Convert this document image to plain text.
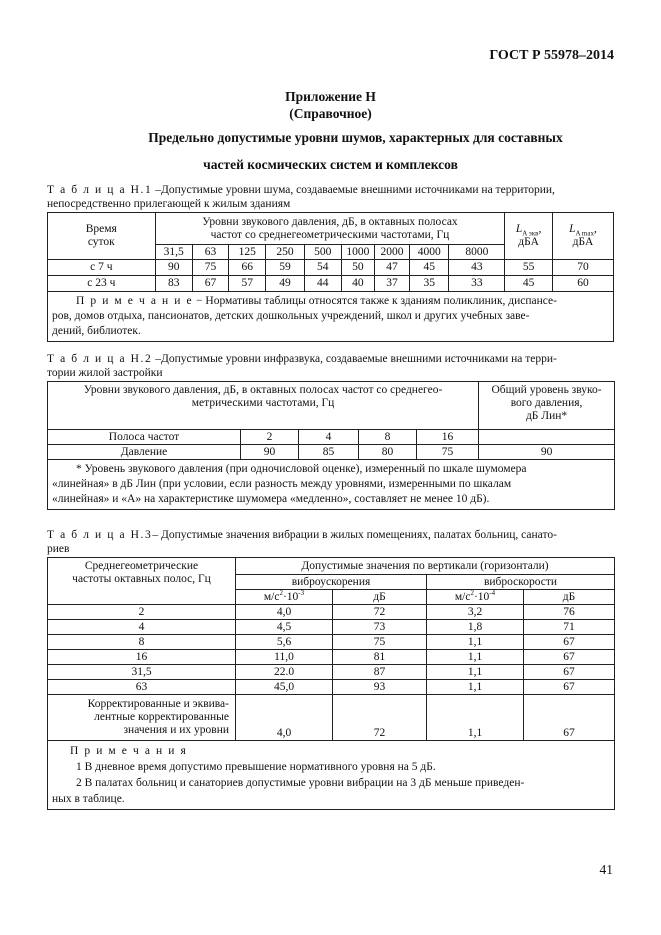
ГОСТ Р 55978–2014
Приложение Н
(Справочное)
Предельно допустимые уровни шумов, характерных для составных
частей космических систем и комплексов
Т а б л и ц а Н.1 –Допустимые уровни шума, создаваемые внешними источниками на территории,
непосредственно прилегающей к жилым зданиям
Время
суток	Уровни звукового давления, дБ, в октавных полосах
частот со среднегеометрическими частотами, Гц									$L_{A экв}$,
дБА	$L_{A max}$,
дБА
	31,5	63	125	250	500	1000	2000	4000	8000		
с 7 ч	90	75	66	59	54	50	47	45	43	55	70
с 23 ч	83	67	57	49	44	40	37	35	33	45	60
П р и м е ч а н и е − Нормативы таблицы относятся также к зданиям поликлиник, диспансе-
ров, домов отдыха, пансионатов, детских дошкольных учреждений, школ и других учебных заве-
дений, библиотек.											
Т а б л и ц а Н.2 –Допустимые уровни инфразвука, создаваемые внешними источниками на терри-
тории жилой застройки
Уровни звукового давления, дБ, в октавных полосах частот со среднегео-
метрическими частотами, Гц					Общий уровень звуко-
вого давления,
дБ Лин*
Полоса частот	2	4	8	16	
Давление	90	85	80	75	90
* Уровень звукового давления (при одночисловой оценке), измеренный по шкале шумомера
«линейная» в дБ Лин (при условии, если разность между уровнями, измеренными по шкалам
«линейная» и «А» на характеристике шумомера «медленно», составляет не менее 10 дБ).					
Т а б л и ц а Н.3– Допустимые значения вибрации в жилых помещениях, палатах больниц, санато-
риев
Среднегеометрические
частоты октавных полос, Гц	Допустимые значения по вертикали (горизонтали)			
	виброускорения		виброскорости	
	$м/с^2\cdot 10^{-3}$	дБ	$м/с^2\cdot 10^{-4}$	дБ
2	4,0	72	3,2	76
4	4,5	73	1,8	71
8	5,6	75	1,1	67
16	11,0	81	1,1	67
31,5	22.0	87	1,1	67
63	45,0	93	1,1	67
Корректированные и эквива-
лентные корректированные
значения и их уровни	4,0	72	1,1	67
П р и м е ч а н и я
1 В дневное время допустимо превышение нормативного уровня на 5 дБ.
2 В палатах больниц и санаториев допустимые уровни вибрации на 3 дБ меньше приведен-
ных в таблице.				
41
